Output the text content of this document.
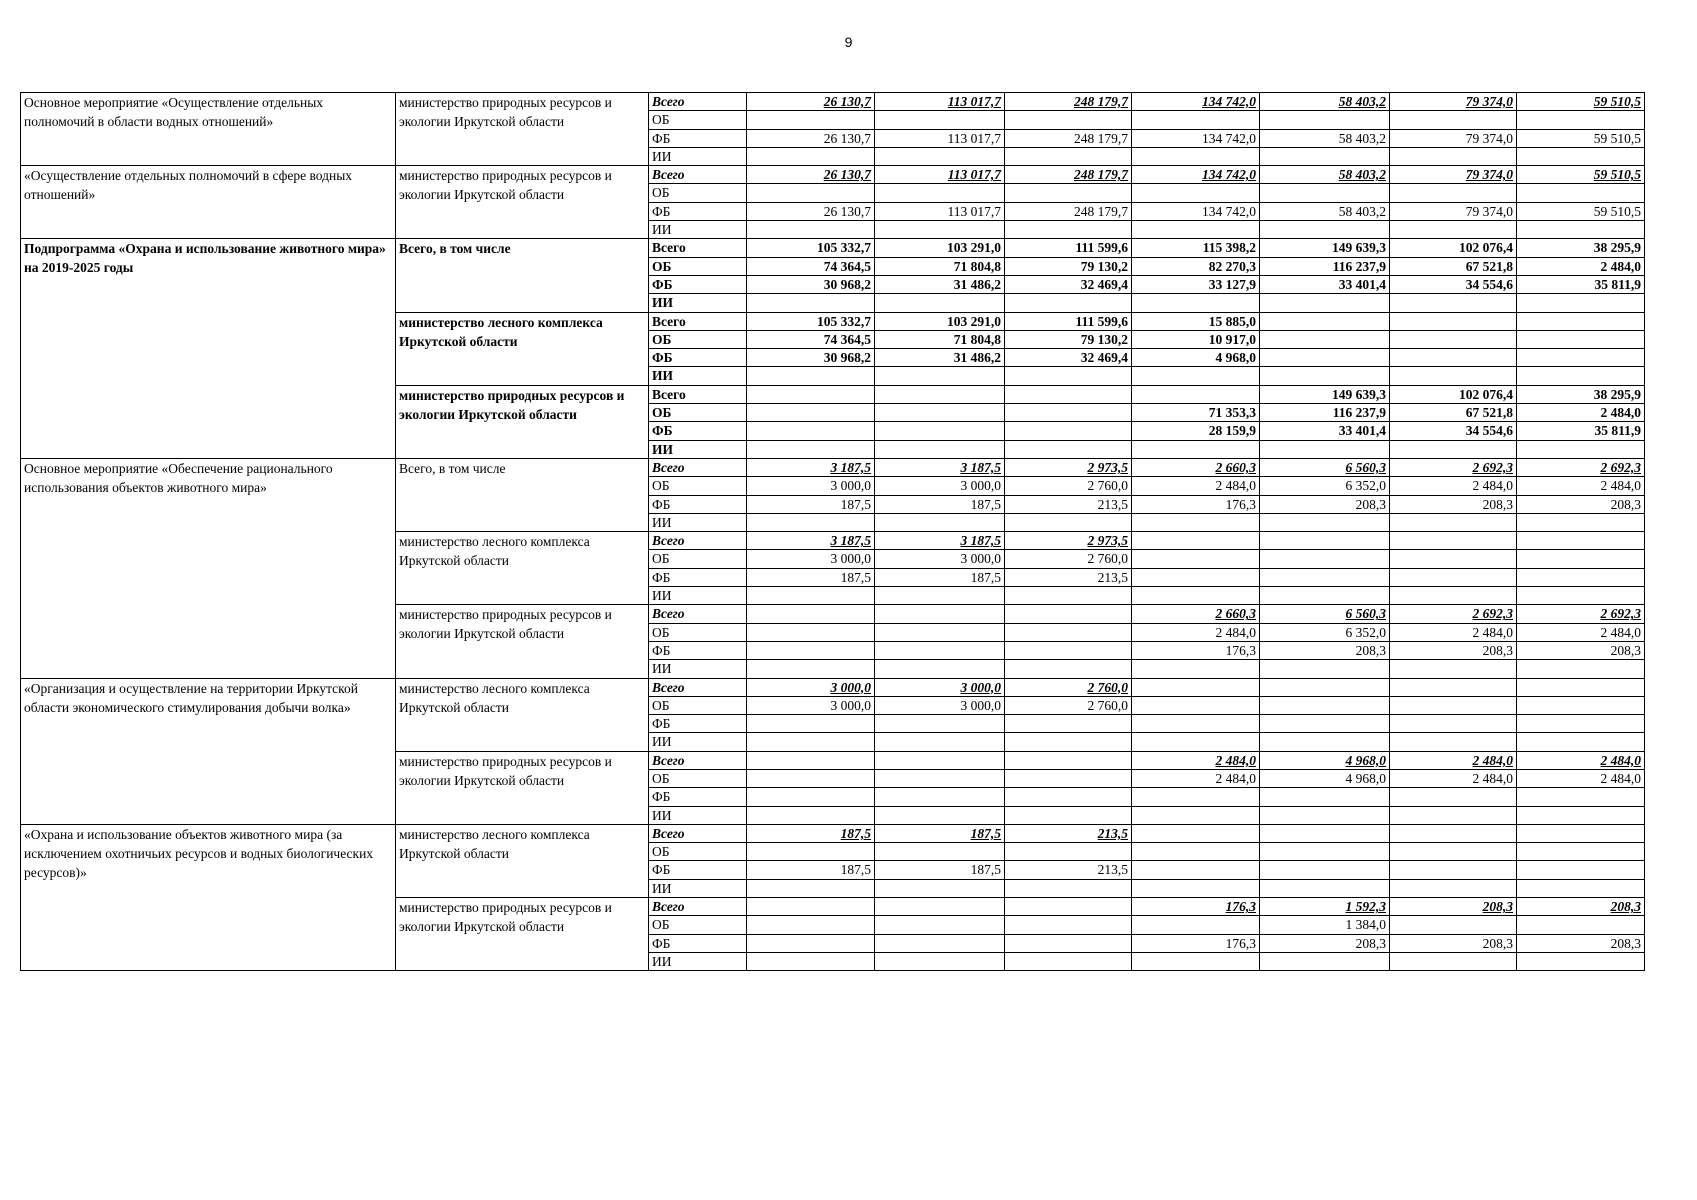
9
Основное мероприятие «Осуществление отдельных полномочий в области водных отношений»	министерство природных ресурсов и экологии Иркутской области	Всего	26 130,7	113 017,7	248 179,7	134 742,0	58 403,2	79 374,0	59 510,5
		ОБ							
		ФБ	26 130,7	113 017,7	248 179,7	134 742,0	58 403,2	79 374,0	59 510,5
		ИИ							
«Осуществление отдельных полномочий в сфере водных отношений»	министерство природных ресурсов и экологии Иркутской области	Всего	26 130,7	113 017,7	248 179,7	134 742,0	58 403,2	79 374,0	59 510,5
		ОБ							
		ФБ	26 130,7	113 017,7	248 179,7	134 742,0	58 403,2	79 374,0	59 510,5
		ИИ							
Подпрограмма «Охрана и использование животного мира» на 2019-2025 годы	Всего, в том числе	Всего	105 332,7	103 291,0	111 599,6	115 398,2	149 639,3	102 076,4	38 295,9
		ОБ	74 364,5	71 804,8	79 130,2	82 270,3	116 237,9	67 521,8	2 484,0
		ФБ	30 968,2	31 486,2	32 469,4	33 127,9	33 401,4	34 554,6	35 811,9
		ИИ							
	министерство лесного комплекса Иркутской области	Всего	105 332,7	103 291,0	111 599,6	15 885,0			
		ОБ	74 364,5	71 804,8	79 130,2	10 917,0			
		ФБ	30 968,2	31 486,2	32 469,4	4 968,0			
		ИИ							
	министерство природных ресурсов и экологии Иркутской области	Всего					149 639,3	102 076,4	38 295,9
		ОБ				71 353,3	116 237,9	67 521,8	2 484,0
		ФБ				28 159,9	33 401,4	34 554,6	35 811,9
		ИИ							
Основное мероприятие «Обеспечение рационального использования объектов животного мира»	Всего, в том числе	Всего	3 187,5	3 187,5	2 973,5	2 660,3	6 560,3	2 692,3	2 692,3
		ОБ	3 000,0	3 000,0	2 760,0	2 484,0	6 352,0	2 484,0	2 484,0
		ФБ	187,5	187,5	213,5	176,3	208,3	208,3	208,3
		ИИ							
	министерство лесного комплекса Иркутской области	Всего	3 187,5	3 187,5	2 973,5				
		ОБ	3 000,0	3 000,0	2 760,0				
		ФБ	187,5	187,5	213,5				
		ИИ							
	министерство природных ресурсов и экологии Иркутской области	Всего				2 660,3	6 560,3	2 692,3	2 692,3
		ОБ				2 484,0	6 352,0	2 484,0	2 484,0
		ФБ				176,3	208,3	208,3	208,3
		ИИ							
«Организация и осуществление на территории Иркутской области экономического стимулирования добычи волка»	министерство лесного комплекса Иркутской области	Всего	3 000,0	3 000,0	2 760,0				
		ОБ	3 000,0	3 000,0	2 760,0				
		ФБ							
		ИИ							
	министерство природных ресурсов и экологии Иркутской области	Всего				2 484,0	4 968,0	2 484,0	2 484,0
		ОБ				2 484,0	4 968,0	2 484,0	2 484,0
		ФБ							
		ИИ							
«Охрана и использование объектов животного мира (за исключением охотничьих ресурсов и водных биологических ресурсов)»	министерство лесного комплекса Иркутской области	Всего	187,5	187,5	213,5				
		ОБ							
		ФБ	187,5	187,5	213,5				
		ИИ							
	министерство природных ресурсов и экологии Иркутской области	Всего				176,3	1 592,3	208,3	208,3
		ОБ					1 384,0		
		ФБ				176,3	208,3	208,3	208,3
		ИИ							
